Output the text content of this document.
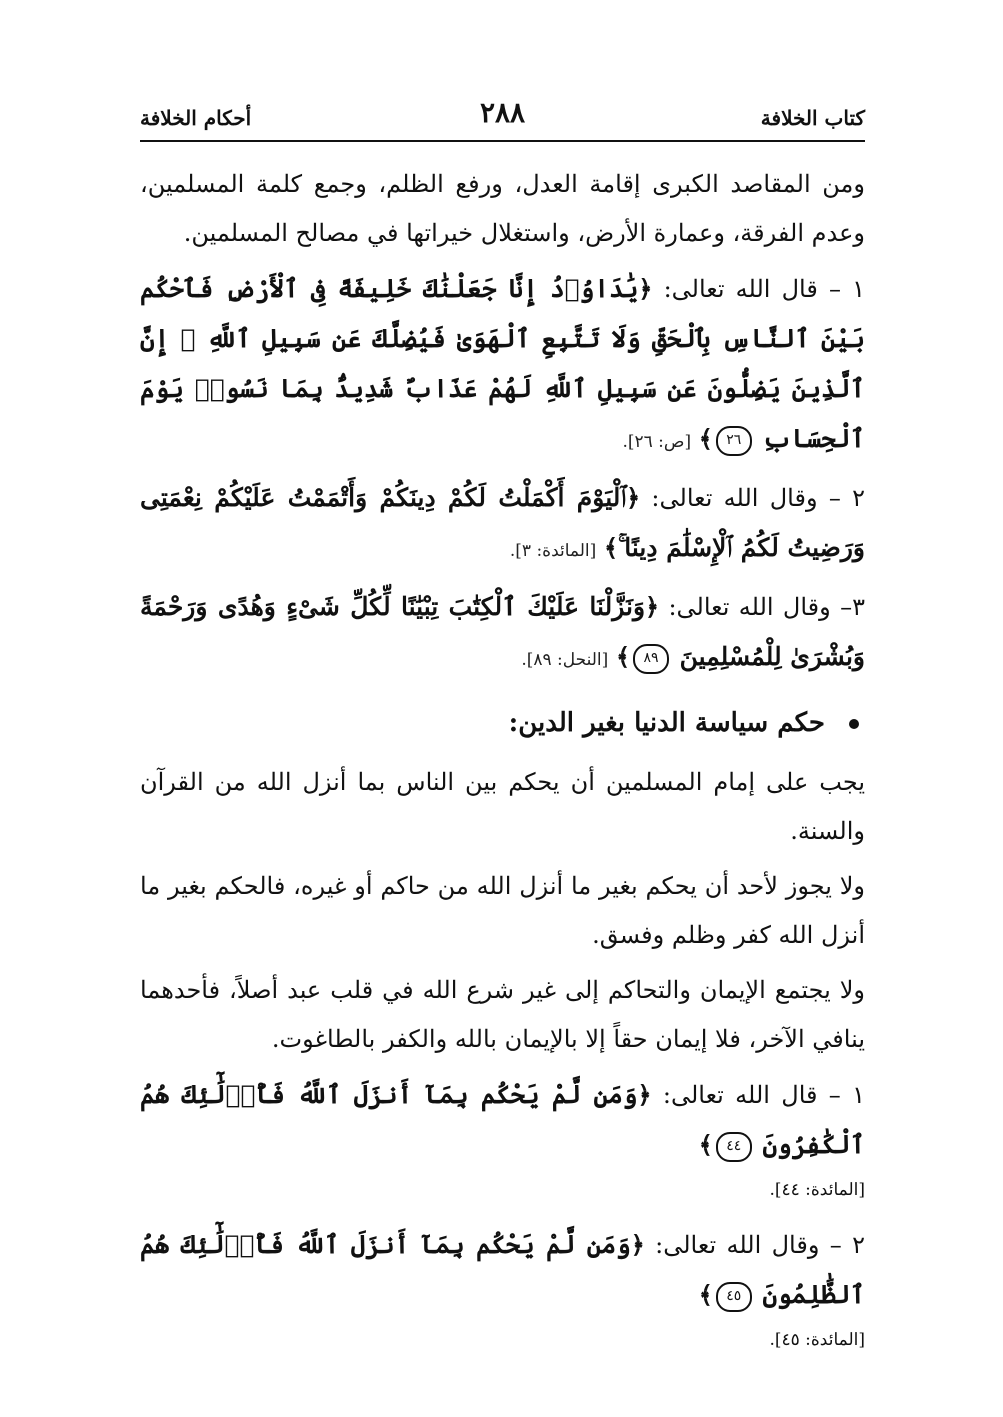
كتاب الخلافة
٢٨٨
أحكام الخلافة

ومن المقاصد الكبرى إقامة العدل، ورفع الظلم، وجمع كلمة المسلمين، وعدم الفرقة، وعمارة الأرض، واستغلال خيراتها في مصالح المسلمين.

١ – قال الله تعالى: ﴿يَٰدَاوُۥدُ إِنَّا جَعَلْنَٰكَ خَلِيفَةً فِى ٱلْأَرْضِ فَٱحْكُم بَيْنَ ٱلنَّاسِ بِٱلْحَقِّ وَلَا تَتَّبِعِ ٱلْهَوَىٰ فَيُضِلَّكَ عَن سَبِيلِ ٱللَّهِ ۚ إِنَّ ٱلَّذِينَ يَضِلُّونَ عَن سَبِيلِ ٱللَّهِ لَهُمْ عَذَابٌ شَدِيدٌۢ بِمَا نَسُوا۟ يَوْمَ ٱلْحِسَابِ ٢٦﴾ [ص: ٢٦].
٢ – وقال الله تعالى: ﴿ٱلْيَوْمَ أَكْمَلْتُ لَكُمْ دِينَكُمْ وَأَتْمَمْتُ عَلَيْكُمْ نِعْمَتِى وَرَضِيتُ لَكُمُ ٱلْإِسْلَٰمَ دِينًا ۚ﴾ [المائدة: ٣].
٣– وقال الله تعالى: ﴿وَنَزَّلْنَا عَلَيْكَ ٱلْكِتَٰبَ تِبْيَٰنًا لِّكُلِّ شَىْءٍ وَهُدًى وَرَحْمَةً وَبُشْرَىٰ لِلْمُسْلِمِينَ ٨٩﴾ [النحل: ٨٩].
حكم سياسة الدنيا بغير الدين:

يجب على إمام المسلمين أن يحكم بين الناس بما أنزل الله من القرآن والسنة.

ولا يجوز لأحد أن يحكم بغير ما أنزل الله من حاكم أو غيره، فالحكم بغير ما أنزل الله كفر وظلم وفسق.

ولا يجتمع الإيمان والتحاكم إلى غير شرع الله في قلب عبد أصلاً، فأحدهما ينافي الآخر، فلا إيمان حقاً إلا بالإيمان بالله والكفر بالطاغوت.

١ – قال الله تعالى: ﴿وَمَن لَّمْ يَحْكُم بِمَآ أَنزَلَ ٱللَّهُ فَأُو۟لَٰٓئِكَ هُمُ ٱلْكَٰفِرُونَ ٤٤﴾
[المائدة: ٤٤].
٢ – وقال الله تعالى: ﴿وَمَن لَّمْ يَحْكُم بِمَآ أَنزَلَ ٱللَّهُ فَأُو۟لَٰٓئِكَ هُمُ ٱلظَّٰلِمُونَ ٤٥﴾
[المائدة: ٤٥].
